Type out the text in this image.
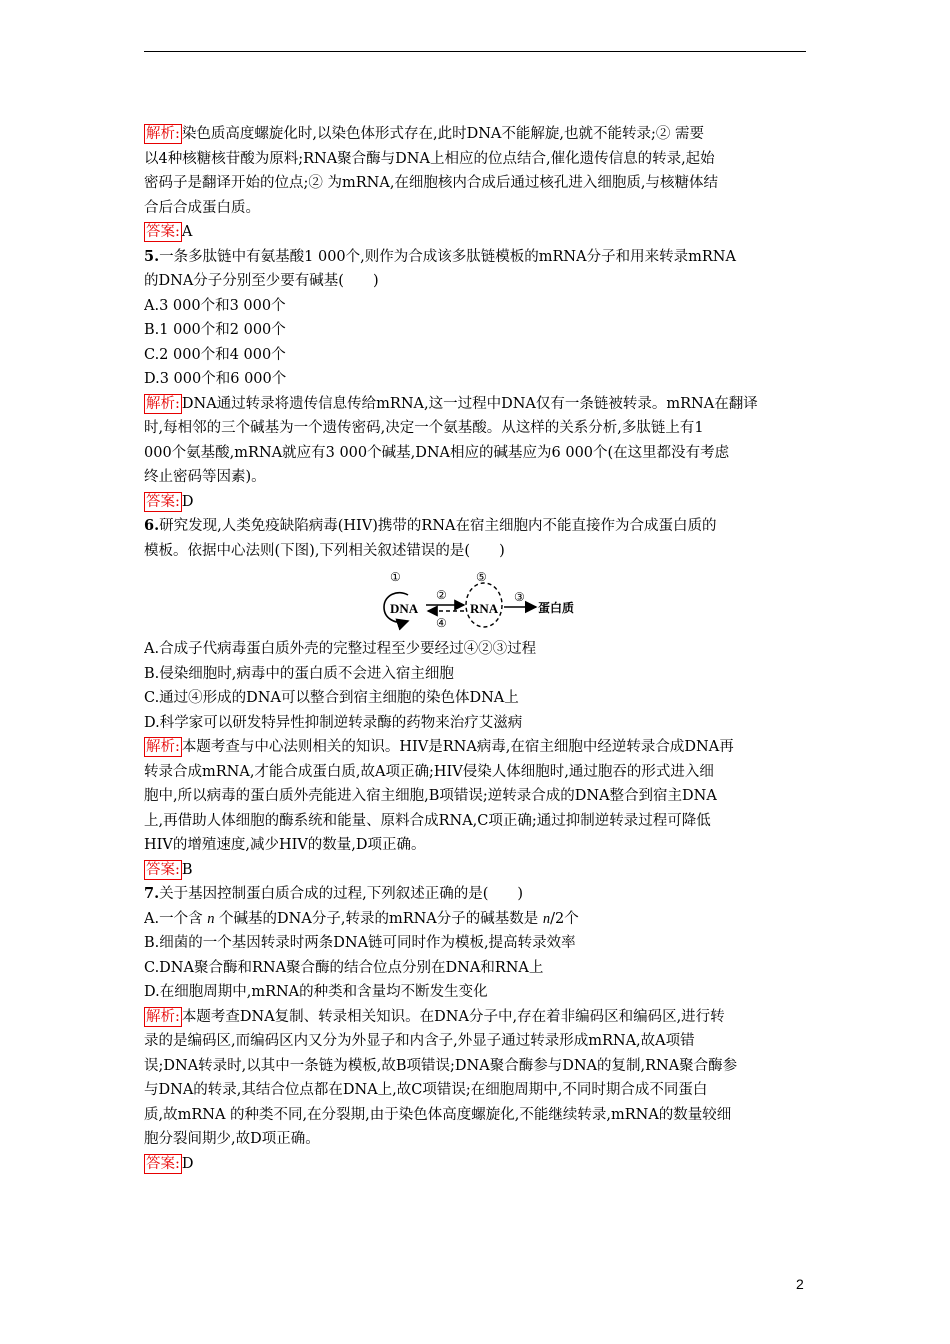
解析: 染色质高度螺旋化时,以染色体形式存在,此时DNA不能解旋,也就不能转录;② 需要
以4种核糖核苷酸为原料;RNA聚合酶与DNA上相应的位点结合,催化遗传信息的转录,起始
密码子是翻译开始的位点;② 为mRNA,在细胞核内合成后通过核孔进入细胞质,与核糖体结
合后合成蛋白质。
答案: A
5.一条多肽链中有氨基酸1 000个,则作为合成该多肽链模板的mRNA分子和用来转录mRNA
的DNA分子分别至少要有碱基(　　)
A.3 000个和3 000个
B.1 000个和2 000个
C.2 000个和4 000个
D.3 000个和6 000个
解析: DNA通过转录将遗传信息传给mRNA,这一过程中DNA仅有一条链被转录。mRNA在翻译
时,每相邻的三个碱基为一个遗传密码,决定一个氨基酸。从这样的关系分析,多肽链上有1
000个氨基酸,mRNA就应有3 000个碱基,DNA相应的碱基应为6 000个(在这里都没有考虑
终止密码等因素)。
答案: D
6.研究发现,人类免疫缺陷病毒(HIV)携带的RNA在宿主细胞内不能直接作为合成蛋白质的
模板。依据中心法则(下图),下列相关叙述错误的是(　　)
①
DNA
②
④
⑤
RNA
③
蛋白质
A.合成子代病毒蛋白质外壳的完整过程至少要经过④②③过程
B.侵染细胞时,病毒中的蛋白质不会进入宿主细胞
C.通过④形成的DNA可以整合到宿主细胞的染色体DNA上
D.科学家可以研发特异性抑制逆转录酶的药物来治疗艾滋病
解析: 本题考查与中心法则相关的知识。HIV是RNA病毒,在宿主细胞中经逆转录合成DNA再
转录合成mRNA,才能合成蛋白质,故A项正确;HIV侵染人体细胞时,通过胞吞的形式进入细
胞中,所以病毒的蛋白质外壳能进入宿主细胞,B项错误;逆转录合成的DNA整合到宿主DNA
上,再借助人体细胞的酶系统和能量、原料合成RNA,C项正确;通过抑制逆转录过程可降低
HIV的增殖速度,减少HIV的数量,D项正确。
答案: B
7.关于基因控制蛋白质合成的过程,下列叙述正确的是(　　)
A.一个含 n 个碱基的DNA分子,转录的mRNA分子的碱基数是 n/2个
B.细菌的一个基因转录时两条DNA链可同时作为模板,提高转录效率
C.DNA聚合酶和RNA聚合酶的结合位点分别在DNA和RNA上
D.在细胞周期中,mRNA的种类和含量均不断发生变化
解析: 本题考查DNA复制、转录相关知识。在DNA分子中,存在着非编码区和编码区,进行转
录的是编码区,而编码区内又分为外显子和内含子,外显子通过转录形成mRNA,故A项错
误;DNA转录时,以其中一条链为模板,故B项错误;DNA聚合酶参与DNA的复制,RNA聚合酶参
与DNA的转录,其结合位点都在DNA上,故C项错误;在细胞周期中,不同时期合成不同蛋白
质,故mRNA 的种类不同,在分裂期,由于染色体高度螺旋化,不能继续转录,mRNA的数量较细
胞分裂间期少,故D项正确。
答案: D
2
